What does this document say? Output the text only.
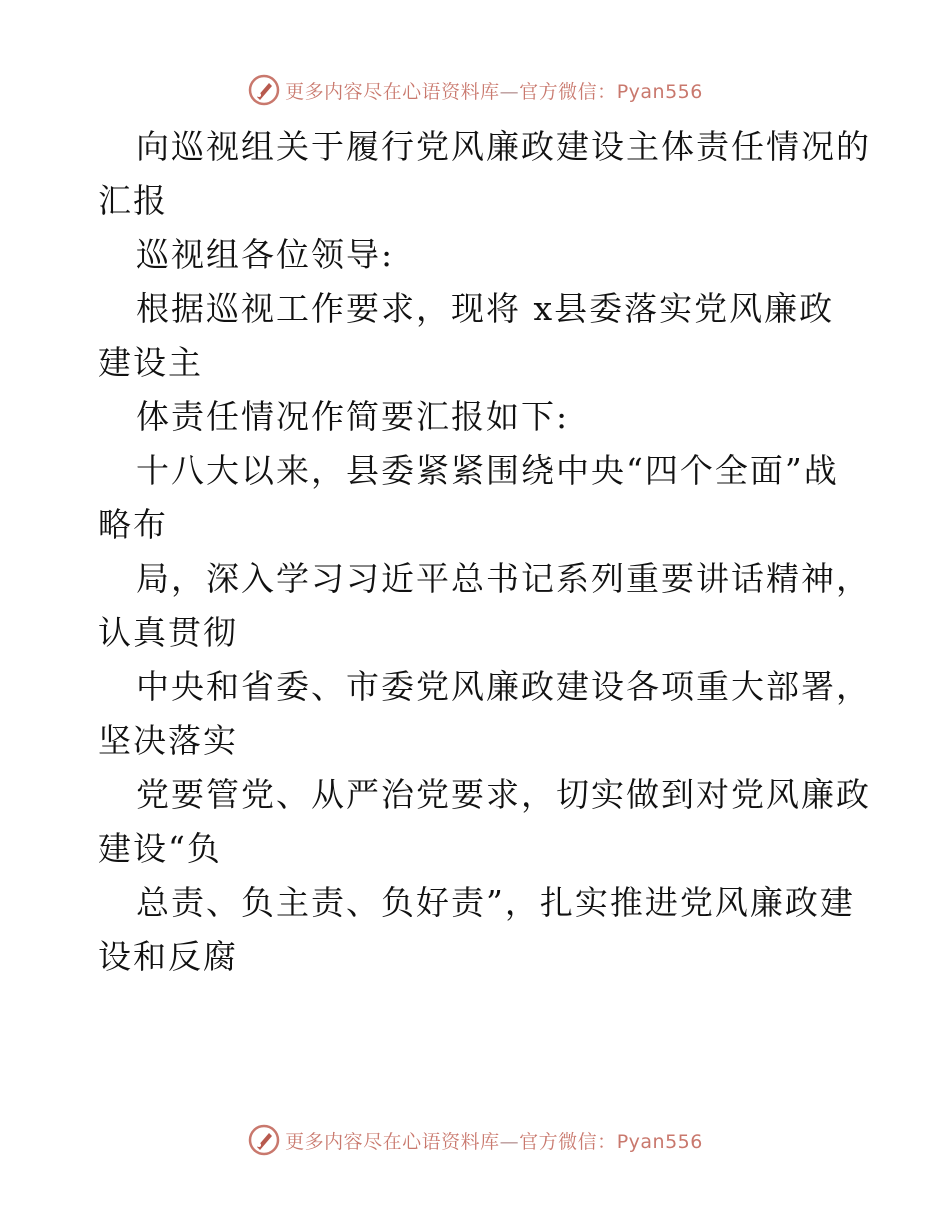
更多内容尽在心语资料库—官方微信：Pyan556

向巡视组关于履行党风廉政建设主体责任情况的

汇报

巡视组各位领导:

根据巡视工作要求，现将 x县委落实党风廉政

建设主

体责任情况作简要汇报如下:

十八大以来，县委紧紧围绕中央“四个全面”战

略布

局，深入学习习近平总书记系列重要讲话精神，

认真贯彻

中央和省委、市委党风廉政建设各项重大部署，

坚决落实

党要管党、从严治党要求，切实做到对党风廉政

建设“负

总责、负主责、负好责”，扎实推进党风廉政建

设和反腐

更多内容尽在心语资料库—官方微信：Pyan556
